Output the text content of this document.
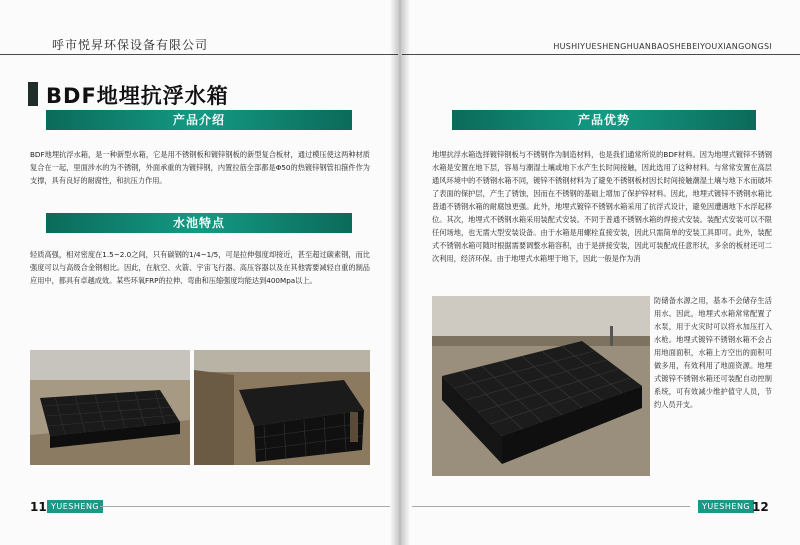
呼市悦昇环保设备有限公司
BDF地埋抗浮水箱
产品介绍
BDF地埋抗浮水箱，是一种新型水箱，它是用不锈钢板和镀锌钢板的新型复合板材，通过模压使这两种材质复合在一起，里面涉水的为不锈钢，外面承重的为镀锌钢，内置拉筋全部都是Φ50的热镀锌钢管扣箍件作为支撑，具有良好的耐腐性，和抗压力作用。
水池特点
轻质高强，相对密度在1.5~2.0之间，只有碳钢的1/4~1/5，可是拉伸强度却接近，甚至超过碳素钢，而比强度可以与高级合金钢相比。因此，在航空、火箭、宇宙飞行器、高压容器以及在其他需要减轻自重的制品应用中，都具有卓越成效。某些环氧FRP的拉伸、弯曲和压缩强度均能达到400Mpa以上。
11 YUESHENG
HUSHIYUESHENGHUANBAOSHEBEIYOUXIANGONGSI
产品优势
地埋抗浮水箱选择镀锌钢板与不锈钢作为制造材料，也是我们通常所说的BDF材料。因为地埋式镀锌不锈钢水箱是安置在地下层，容易与潮湿土壤或地下水产生长时间接触，因此选用了这种材料。与常常安置在高层通风环境中的不锈钢水箱不同，镀锌不锈钢材料为了避免不锈钢板材因长时间接触潮湿土壤与地下水而破坏了表面的保护层，产生了锈蚀，因而在不锈钢的基础上增加了保护锌材料。因此，地埋式镀锌不锈钢水箱比普通不锈钢水箱的耐腐蚀更强。此外，地埋式镀锌不锈钢水箱采用了抗浮式设计，避免因遭遇地下水浮起移位。其次，地埋式不锈钢水箱采用装配式安装。不同于普通不锈钢水箱的焊接式安装。装配式安装可以不限任何场地，也无需大型安装设备。由于水箱是用螺栓直接安装，因此只需简单的安装工具即可。此外，装配式不锈钢水箱可随时根据需要调整水箱容积，由于是拼接安装，因此可装配成任意形状，多余的板材还可二次利用，经济环保。由于地埋式水箱埋于地下，因此一般是作为消
防储备水源之用，基本不会储存生活用水。因此，地埋式水箱常常配置了水泵，用于火灾时可以将水加压打入水枪。地埋式镀锌不锈钢水箱不会占用地面面积，水箱上方空出的面积可做多用，有效利用了地面资源。地埋式镀锌不锈钢水箱还可装配自动控制系统，可有效减少维护值守人员，节约人员开支。
YUESHENG 12
